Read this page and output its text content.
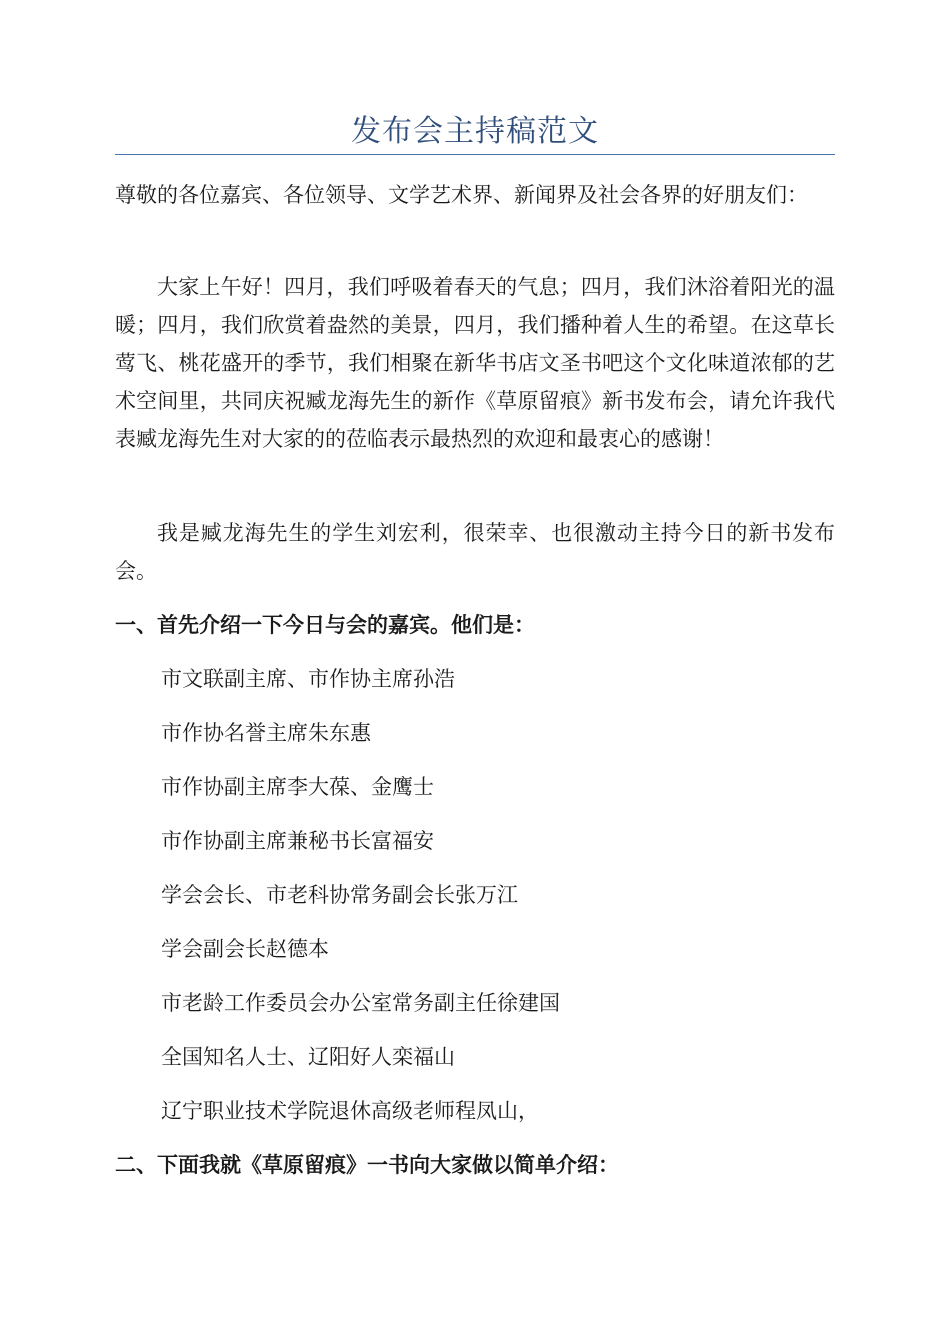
发布会主持稿范文

尊敬的各位嘉宾、各位领导、文学艺术界、新闻界及社会各界的好朋友们：

大家上午好！四月，我们呼吸着春天的气息；四月，我们沐浴着阳光的温暖；四月，我们欣赏着盎然的美景，四月，我们播种着人生的希望。在这草长莺飞、桃花盛开的季节，我们相聚在新华书店文圣书吧这个文化味道浓郁的艺术空间里，共同庆祝臧龙海先生的新作《草原留痕》新书发布会，请允许我代表臧龙海先生对大家的的莅临表示最热烈的欢迎和最衷心的感谢！

我是臧龙海先生的学生刘宏利，很荣幸、也很激动主持今日的新书发布会。

一、首先介绍一下今日与会的嘉宾。他们是：

市文联副主席、市作协主席孙浩

市作协名誉主席朱东惠

市作协副主席李大葆、金鹰士

市作协副主席兼秘书长富福安

学会会长、市老科协常务副会长张万江

学会副会长赵德本

市老龄工作委员会办公室常务副主任徐建国

全国知名人士、辽阳好人栾福山

辽宁职业技术学院退休高级老师程凤山，

二、下面我就《草原留痕》一书向大家做以简单介绍：
